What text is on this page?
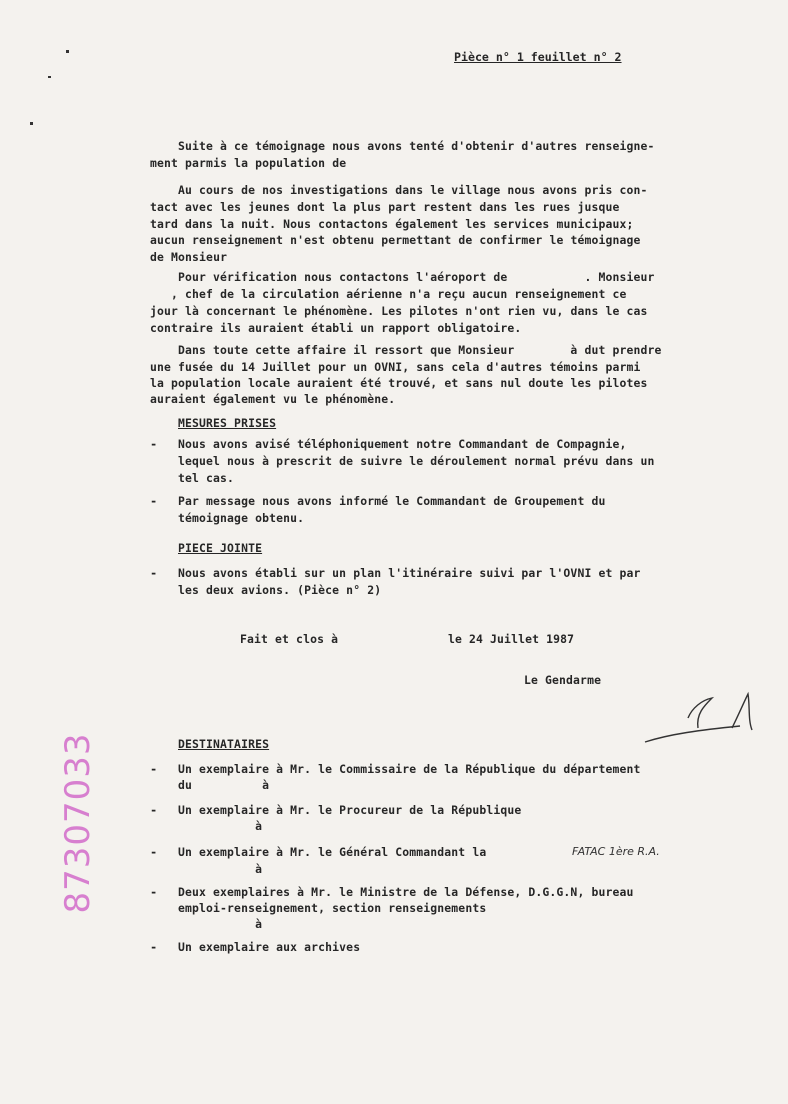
Pièce n° 1 feuillet n° 2
Suite à ce témoignage nous avons tenté d'obtenir d'autres renseigne-
ment parmis la population de
Au cours de nos investigations dans le village nous avons pris con-
tact avec les jeunes dont la plus part restent dans les rues jusque
tard dans la nuit. Nous contactons également les services municipaux;
aucun renseignement n'est obtenu permettant de confirmer le témoignage
de Monsieur
Pour vérification nous contactons l'aéroport de           . Monsieur
, chef de la circulation aérienne n'a reçu aucun renseignement ce
jour là concernant le phénomène. Les pilotes n'ont rien vu, dans le cas
contraire ils auraient établi un rapport obligatoire.
Dans toute cette affaire il ressort que Monsieur        à dut prendre
une fusée du 14 Juillet pour un OVNI, sans cela d'autres témoins parmi
la population locale auraient été trouvé, et sans nul doute les pilotes
auraient également vu le phénomène.
MESURES PRISES
- Nous avons avisé téléphoniquement notre Commandant de Compagnie,
lequel nous à prescrit de suivre le déroulement normal prévu dans un
tel cas.
- Par message nous avons informé le Commandant de Groupement du
témoignage obtenu.
PIECE JOINTE
- Nous avons établi sur un plan l'itinéraire suivi par l'OVNI et par
les deux avions. (Pièce n° 2)
Fait et clos à	le 24 Juillet 1987
Le Gendarme
DESTINATAIRES
- Un exemplaire à Mr. le Commissaire de la République du département
du          à
- Un exemplaire à Mr. le Procureur de la République
à
- Un exemplaire à Mr. le Général Commandant la	FATAC 1ère R.A.
à
- Deux exemplaires à Mr. le Ministre de la Défense, D.G.G.N, bureau
emploi-renseignement, section renseignements
à
- Un exemplaire aux archives
87307033
